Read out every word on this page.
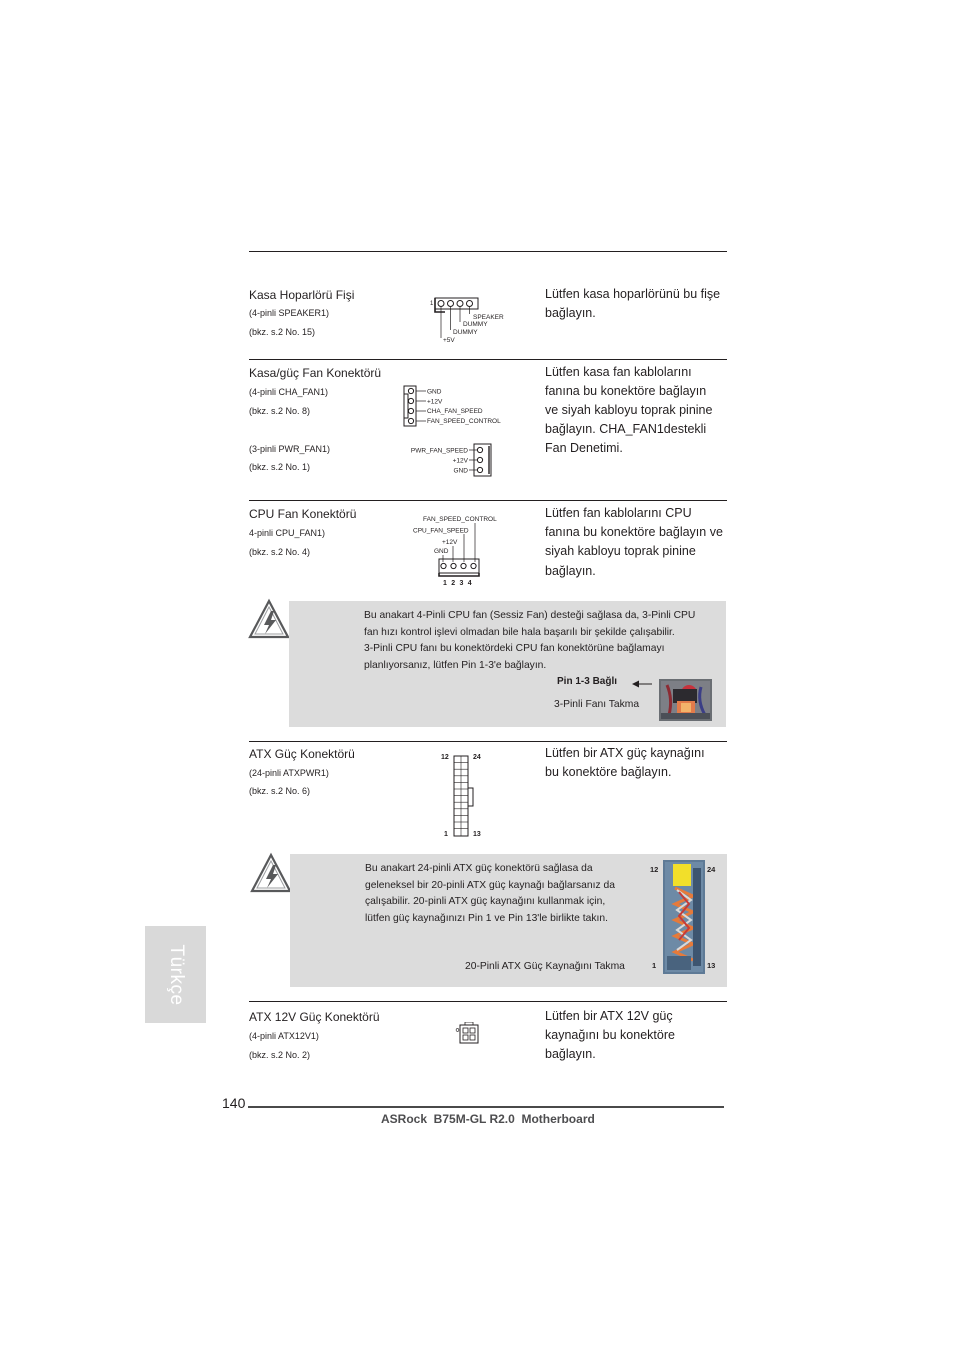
Kasa Hoparlörü Fişi
(4-pinli SPEAKER1)
(bkz. s.2 No. 15)
Lütfen kasa hoparlörünü bu fişe
bağlayın.
1
SPEAKER
DUMMY
DUMMY
+5V
Kasa/güç Fan Konektörü
(4-pinli CHA_FAN1)
(bkz. s.2 No. 8)
(3-pinli PWR_FAN1)
(bkz. s.2 No. 1)
Lütfen kasa fan kablolarını
fanına bu konektöre bağlayın
ve siyah kabloyu toprak pinine
bağlayın. CHA_FAN1destekli
Fan Denetimi.
GND
+12V
CHA_FAN_SPEED
FAN_SPEED_CONTROL
PWR_FAN_SPEED
+12V
GND
CPU Fan Konektörü
4-pinli CPU_FAN1)
(bkz. s.2 No. 4)
Lütfen fan kablolarını CPU
fanına bu konektöre bağlayın ve
siyah kabloyu toprak pinine
bağlayın.
FAN_SPEED_CONTROL
CPU_FAN_SPEED
+12V
GND
1 2 3 4
Bu anakart 4-Pinli CPU fan (Sessiz Fan) desteği sağlasa da, 3-Pinli CPU
fan hızı kontrol işlevi olmadan bile hala başarılı bir şekilde çalışabilir.
3-Pinli CPU fanı bu konektördeki CPU fan konektörüne bağlamayı
planlıyorsanız, lütfen Pin 1-3'e bağlayın.
Pin 1-3 Bağlı
3-Pinli Fanı Takma
ATX Güç Konektörü
(24-pinli ATXPWR1)
(bkz. s.2 No. 6)
Lütfen bir ATX güç kaynağını
bu konektöre bağlayın.
12	24
1	13
Bu anakart 24-pinli ATX güç konektörü sağlasa da
geleneksel bir 20-pinli ATX güç kaynağı bağlarsanız da
çalışabilir. 20-pinli ATX güç kaynağını kullanmak için,
lütfen güç kaynağınızı Pin 1 ve Pin 13'le birlikte takın.
20-Pinli ATX Güç Kaynağını Takma
12	24
1	13
ATX 12V Güç Konektörü
(4-pinli ATX12V1)
(bkz. s.2 No. 2)
Lütfen bir ATX 12V güç
kaynağını bu konektöre
bağlayın.
Türkçe
140
ASRock  B75M-GL R2.0  Motherboard
